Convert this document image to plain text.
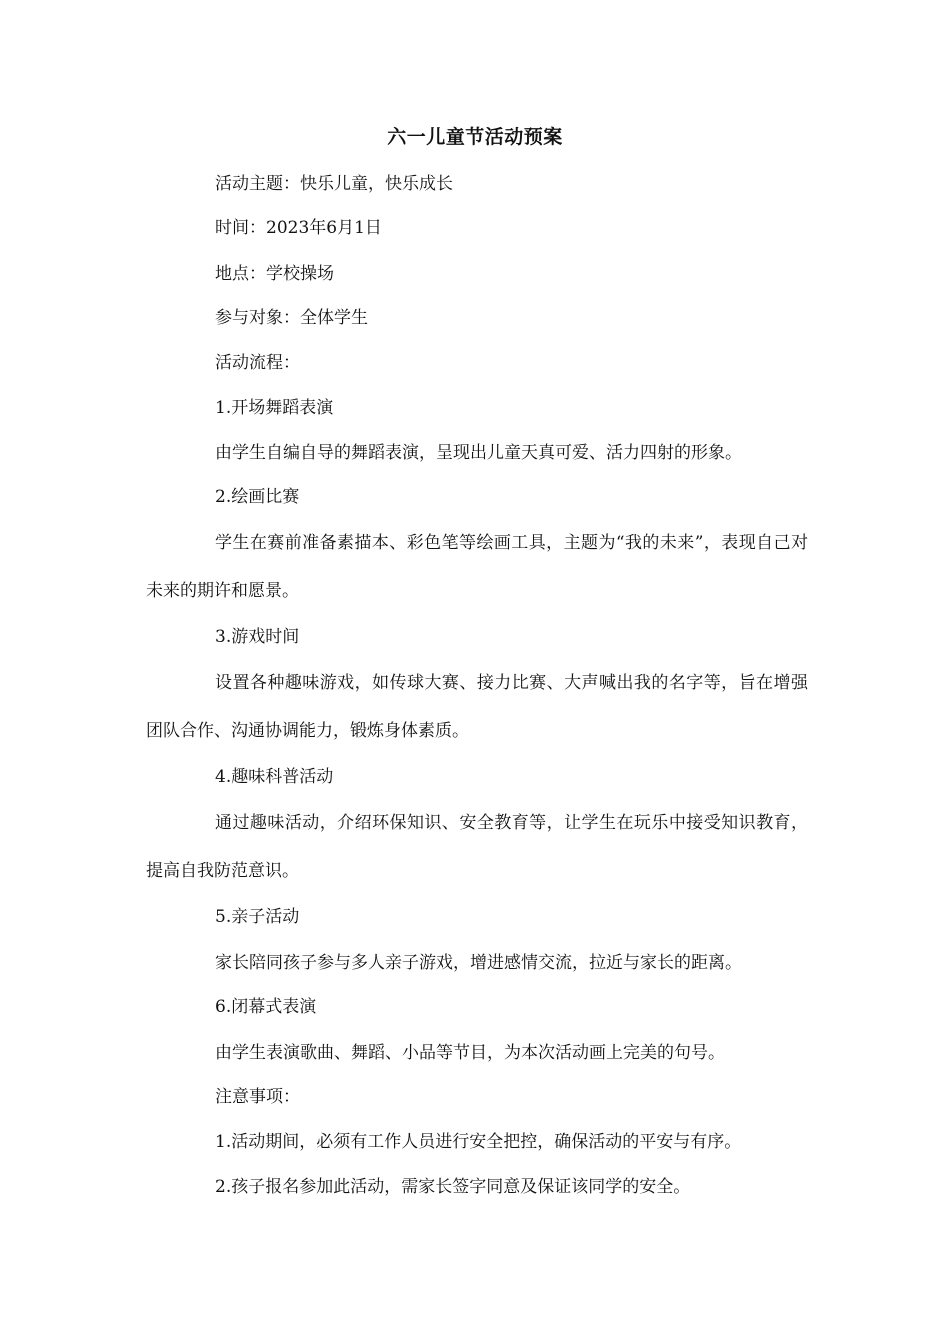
六一儿童节活动预案

活动主题：快乐儿童，快乐成长

时间：2023年6月1日

地点：学校操场

参与对象：全体学生

活动流程：

1.开场舞蹈表演

由学生自编自导的舞蹈表演，呈现出儿童天真可爱、活力四射的形象。

2.绘画比赛

学生在赛前准备素描本、彩色笔等绘画工具，主题为“我的未来”，表现自己对未来的期许和愿景。

3.游戏时间

设置各种趣味游戏，如传球大赛、接力比赛、大声喊出我的名字等，旨在增强团队合作、沟通协调能力，锻炼身体素质。

4.趣味科普活动

通过趣味活动，介绍环保知识、安全教育等，让学生在玩乐中接受知识教育，提高自我防范意识。

5.亲子活动

家长陪同孩子参与多人亲子游戏，增进感情交流，拉近与家长的距离。

6.闭幕式表演

由学生表演歌曲、舞蹈、小品等节目，为本次活动画上完美的句号。

注意事项：

1.活动期间，必须有工作人员进行安全把控，确保活动的平安与有序。

2.孩子报名参加此活动，需家长签字同意及保证该同学的安全。
